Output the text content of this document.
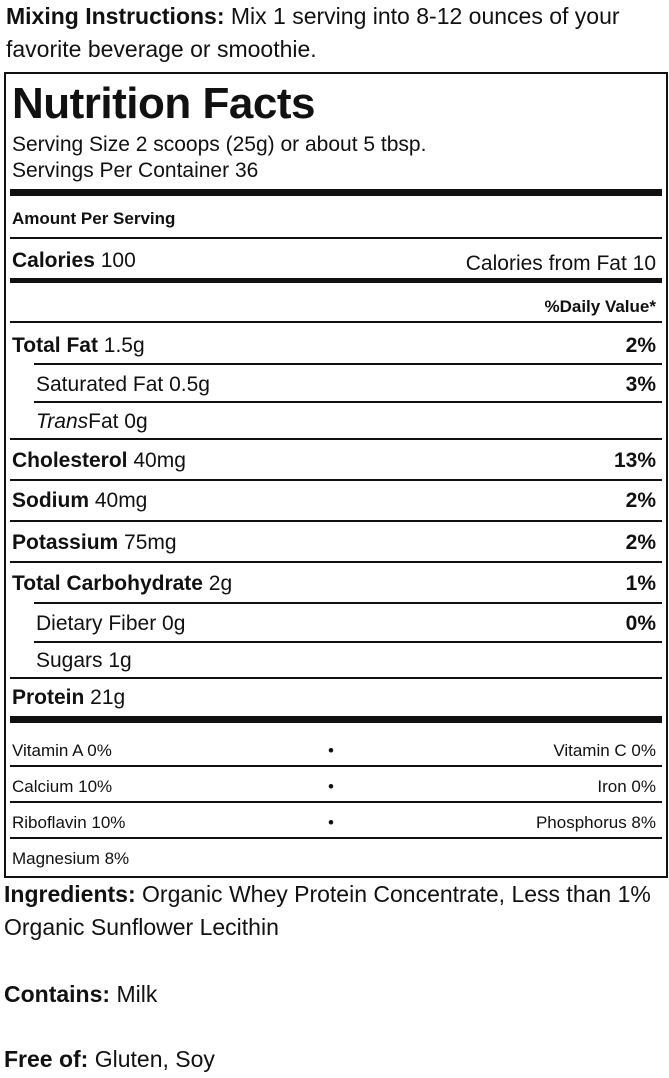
Mixing Instructions: Mix 1 serving into 8-12 ounces of your favorite beverage or smoothie.
Nutrition Facts
Serving Size 2 scoops (25g) or about 5 tbsp.
Servings Per Container 36
Amount Per Serving
Calories 100	Calories from Fat 10
%Daily Value*
Total Fat 1.5g	2%
Saturated Fat 0.5g	3%
TransFat 0g
Cholesterol 40mg	13%
Sodium 40mg	2%
Potassium 75mg	2%
Total Carbohydrate 2g	1%
Dietary Fiber 0g	0%
Sugars 1g
Protein 21g
Vitamin A 0%	•	Vitamin C 0%
Calcium 10%	•	Iron 0%
Riboflavin 10%	•	Phosphorus 8%
Magnesium 8%
Ingredients: Organic Whey Protein Concentrate, Less than 1% Organic Sunflower Lecithin
Contains: Milk
Free of: Gluten, Soy
